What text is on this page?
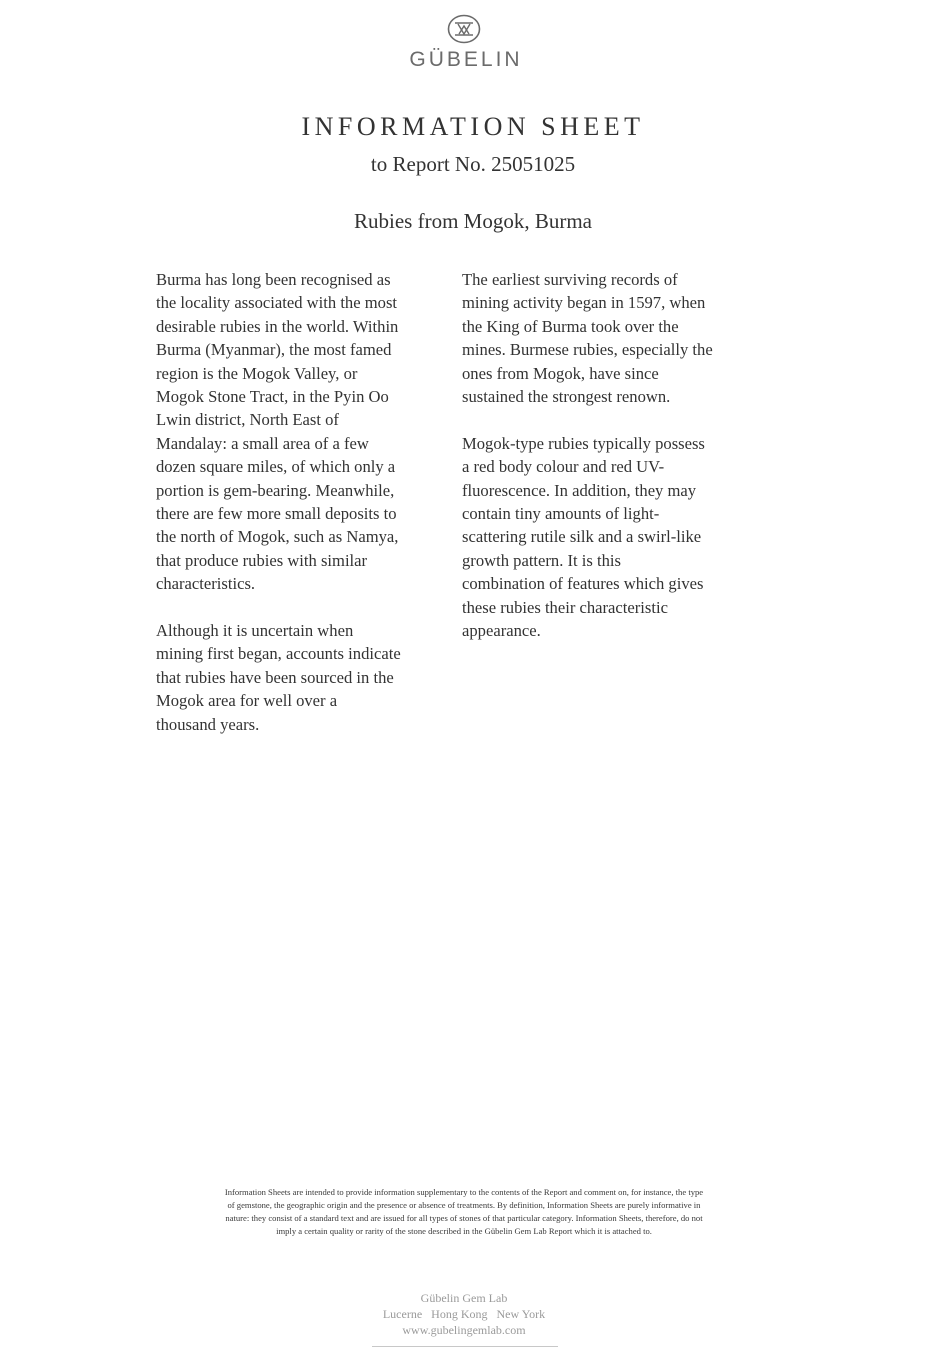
GÜBELIN
INFORMATION SHEET
to Report No. 25051025
Rubies from Mogok, Burma

Burma has long been recognised as
the locality associated with the most
desirable rubies in the world. Within
Burma (Myanmar), the most famed
region is the Mogok Valley, or
Mogok Stone Tract, in the Pyin Oo
Lwin district, North East of
Mandalay: a small area of a few
dozen square miles, of which only a
portion is gem-bearing. Meanwhile,
there are few more small deposits to
the north of Mogok, such as Namya,
that produce rubies with similar
characteristics.

Although it is uncertain when
mining first began, accounts indicate
that rubies have been sourced in the
Mogok area for well over a
thousand years.

The earliest surviving records of
mining activity began in 1597, when
the King of Burma took over the
mines. Burmese rubies, especially the
ones from Mogok, have since
sustained the strongest renown.

Mogok-type rubies typically possess
a red body colour and red UV-
fluorescence. In addition, they may
contain tiny amounts of light-
scattering rutile silk and a swirl-like
growth pattern. It is this
combination of features which gives
these rubies their characteristic
appearance.

Information Sheets are intended to provide information supplementary to the contents of the Report and comment on, for instance, the type
of gemstone, the geographic origin and the presence or absence of treatments. By definition, Information Sheets are purely informative in
nature: they consist of a standard text and are issued for all types of stones of that particular category. Information Sheets, therefore, do not
imply a certain quality or rarity of the stone described in the Gübelin Gem Lab Report which it is attached to.
Gübelin Gem Lab
Lucerne   Hong Kong   New York
www.gubelingemlab.com
